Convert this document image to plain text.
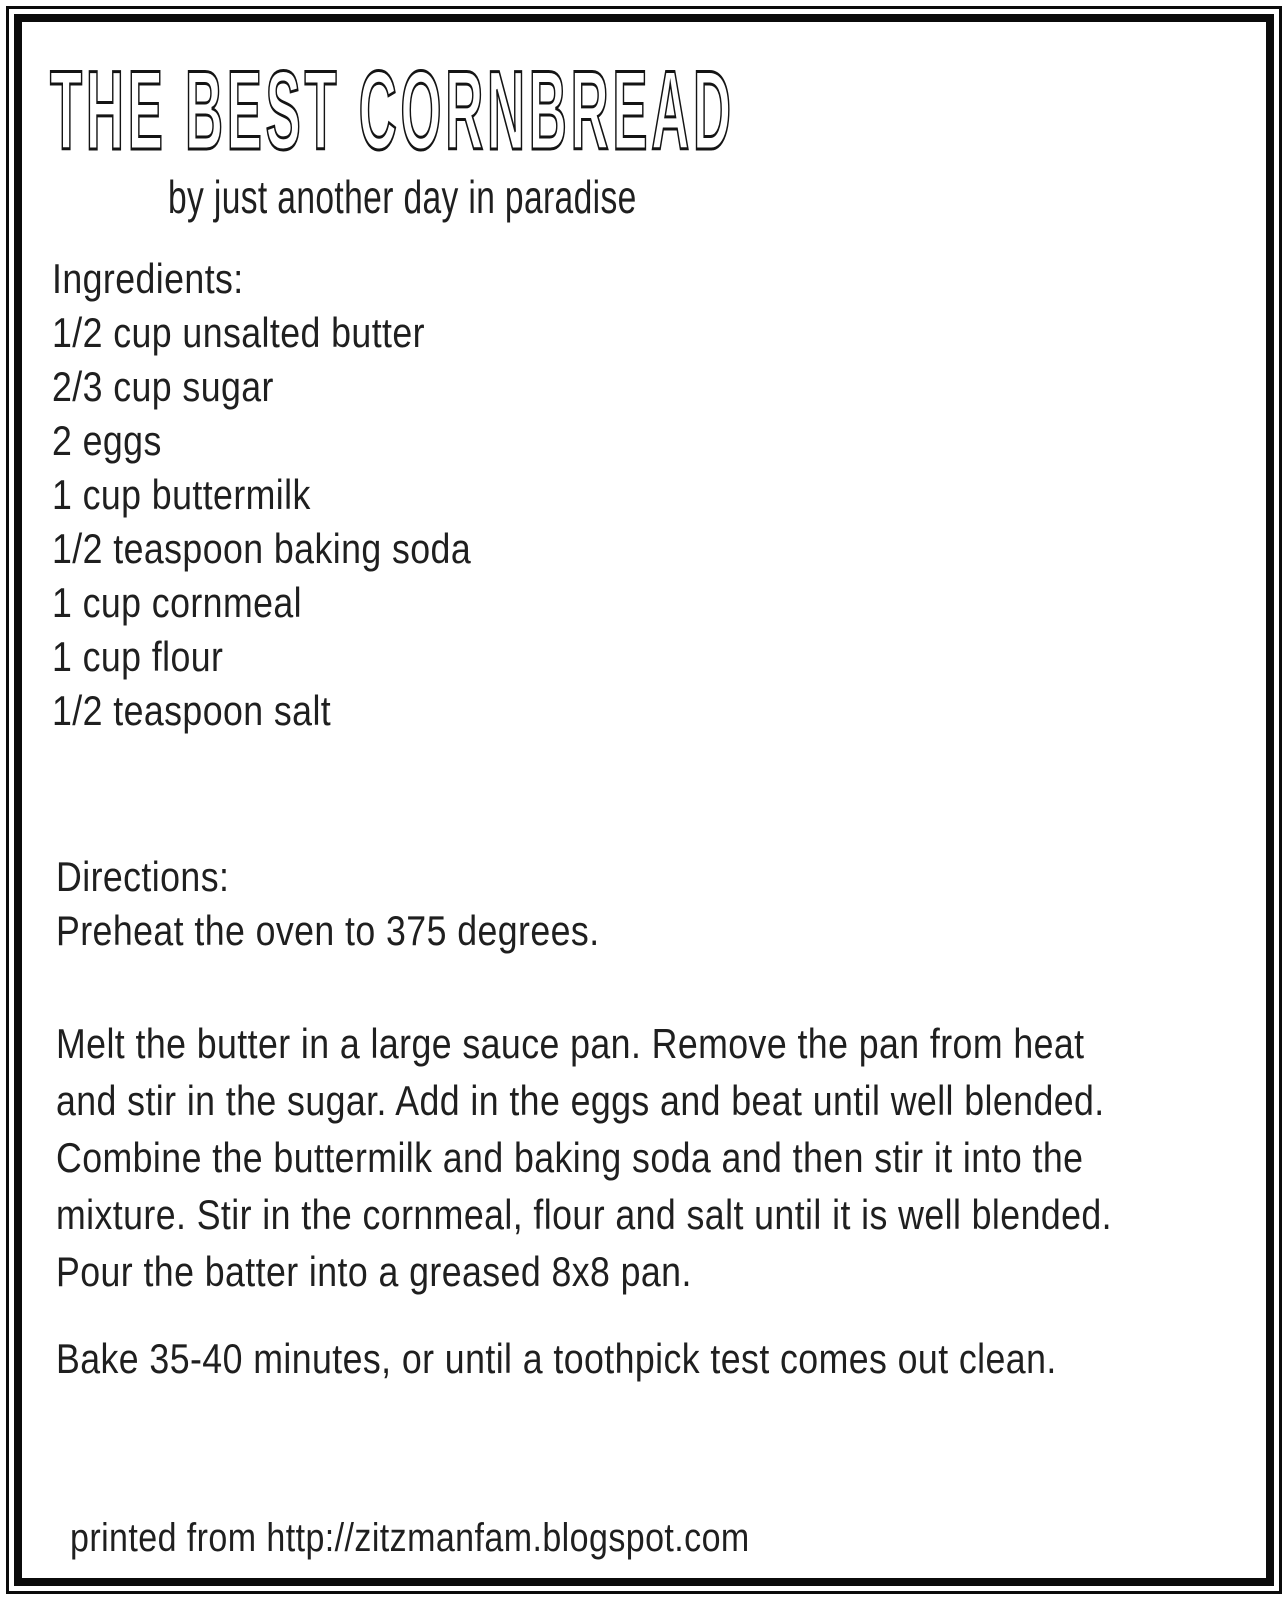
THE BEST CORNBREAD
by just another day in paradise
Ingredients:
1/2 cup unsalted butter
2/3 cup sugar
2 eggs
1 cup buttermilk
1/2 teaspoon baking soda
1 cup cornmeal
1 cup flour
1/2 teaspoon salt
Directions:
Preheat the oven to 375 degrees.
Melt the butter in a large sauce pan. Remove the pan from heat
and stir in the sugar. Add in the eggs and beat until well blended.
Combine the buttermilk and baking soda and then stir it into the
mixture. Stir in the cornmeal, flour and salt until it is well blended.
Pour the batter into a greased 8x8 pan.
Bake 35-40 minutes, or until a toothpick test comes out clean.
printed from http://zitzmanfam.blogspot.com
